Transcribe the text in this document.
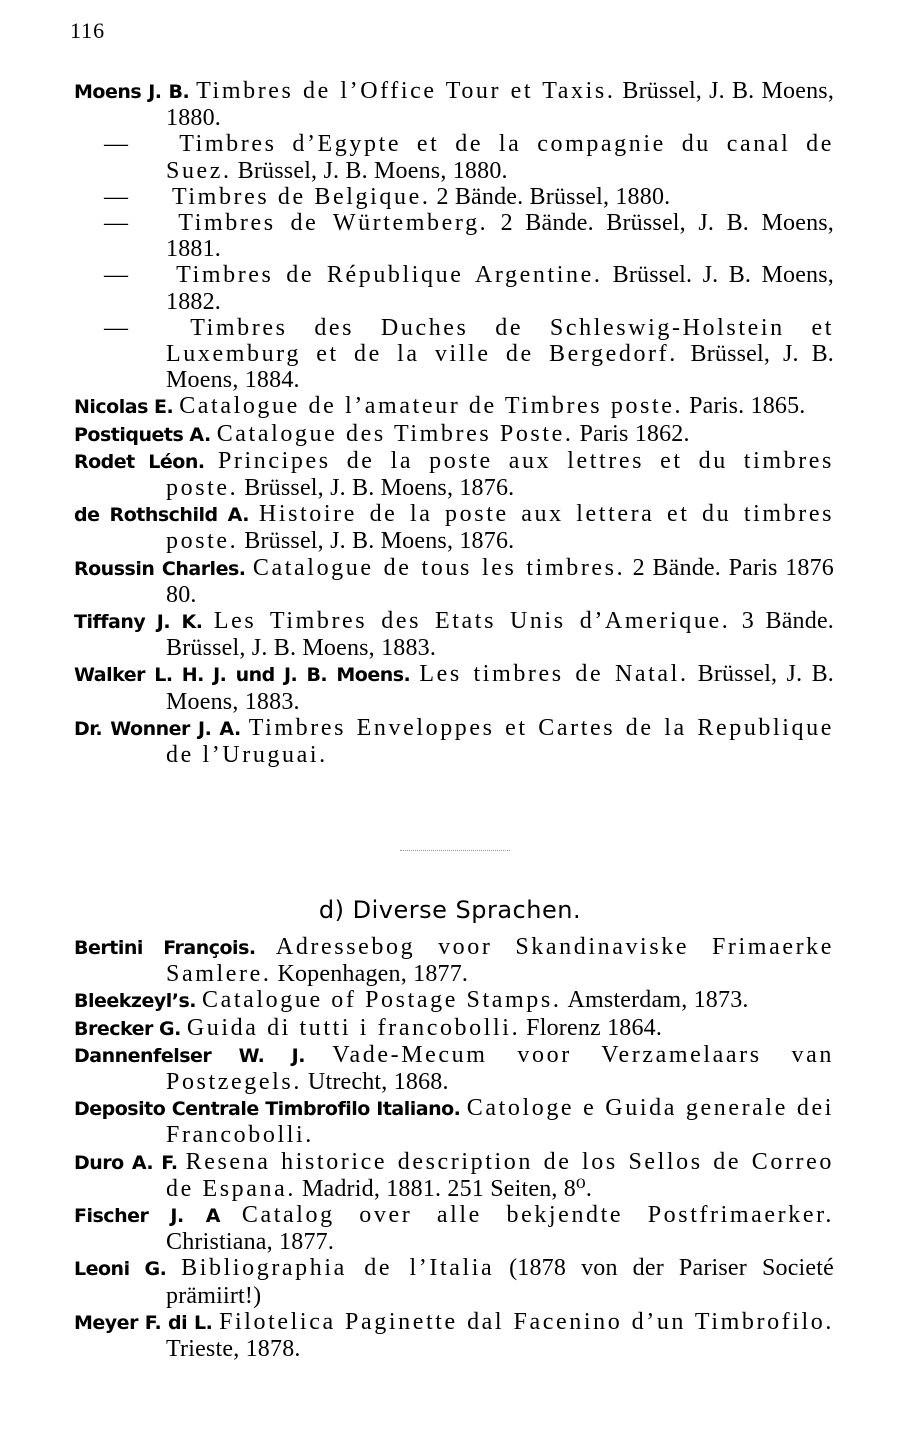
116
Moens J. B. Timbres de l’Office Tour et Taxis. Brüssel, J. B. Moens, 1880.
— Timbres d’Egypte et de la compagnie du canal de Suez. Brüssel, J. B. Moens, 1880.
— Timbres de Belgique. 2 Bände. Brüssel, 1880.
— Timbres de Würtemberg. 2 Bände. Brüssel, J. B. Moens, 1881.
— Timbres de République Argentine. Brüssel. J. B. Moens, 1882.
—	Timbres des Duches de Schleswig-Holstein et Luxemburg et de la ville de Bergedorf. Brüssel, J. B. Moens, 1884.
Nicolas E. Catalogue de l’amateur de Timbres poste. Paris. 1865.
Postiquets A. Catalogue des Timbres Poste. Paris 1862.
Rodet Léon. Principes de la poste aux lettres et du timbres poste. Brüssel, J. B. Moens, 1876.
de Rothschild A. Histoire de la poste aux lettera et du timbres poste. Brüssel, J. B. Moens, 1876.
Roussin Charles. Catalogue de tous les timbres. 2 Bände. Paris 1876 80.
Tiffany J. K. Les Timbres des Etats Unis d’Amerique. 3 Bände. Brüssel, J. B. Moens, 1883.
Walker L. H. J. und J. B. Moens. Les timbres de Natal. Brüssel, J. B. Moens, 1883.
Dr. Wonner J. A. Timbres Enveloppes et Cartes de la Republique de l’Uruguai.
d) Diverse Sprachen.
Bertini François. Adressebog voor Skandinaviske Frimaerke Samlere. Kopenhagen, 1877.
Bleekzeyl’s. Catalogue of Postage Stamps. Amsterdam, 1873.
Brecker G. Guida di tutti i francobolli. Florenz 1864.
Dannenfelser W. J. Vade-Mecum voor Verzamelaars van Postzegels. Utrecht, 1868.
Deposito Centrale Timbrofilo Italiano. Catologe e Guida generale dei Francobolli.
Duro A. F. Resena historice description de los Sellos de Correo de Espana. Madrid, 1881. 251 Seiten, 8⁰.
Fischer J. A Catalog over alle bekjendte Postfrimaerker. Christiana, 1877.
Leoni G. Bibliographia de l’Italia (1878 von der Pariser Societé prämiirt!)
Meyer F. di L. Filotelica Paginette dal Facenino d’un Timbrofilo. Trieste, 1878.
